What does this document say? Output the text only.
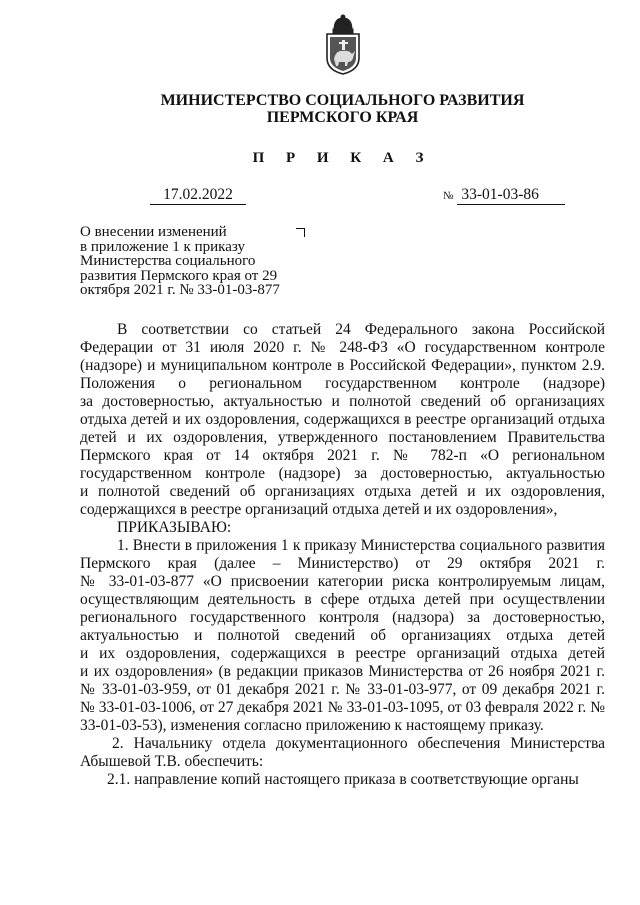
МИНИСТЕРСТВО СОЦИАЛЬНОГО РАЗВИТИЯ
ПЕРМСКОГО КРАЯ
П Р И К А З
17.02.2022	№ 33-01-03-86
О внесении изменений
в приложение 1 к приказу
Министерства социального
развития Пермского края от 29
октября 2021 г. № 33-01-03-877
В соответствии со статьей 24 Федерального закона Российской
Федерации от 31 июля 2020 г. № 248-ФЗ «О государственном контроле
(надзоре) и муниципальном контроле в Российской Федерации», пунктом 2.9.
Положения о региональном государственном контроле (надзоре)
за достоверностью, актуальностью и полнотой сведений об организациях
отдыха детей и их оздоровления, содержащихся в реестре организаций отдыха
детей и их оздоровления, утвержденного постановлением Правительства
Пермского края от 14 октября 2021 г. № 782-п «О региональном
государственном контроле (надзоре) за достоверностью, актуальностью
и полнотой сведений об организациях отдыха детей и их оздоровления,
содержащихся в реестре организаций отдыха детей и их оздоровления»,
ПРИКАЗЫВАЮ:
1. Внести в приложения 1 к приказу Министерства социального развития
Пермского края (далее – Министерство) от 29 октября 2021 г.
№ 33-01-03-877 «О присвоении категории риска контролируемым лицам,
осуществляющим деятельность в сфере отдыха детей при осуществлении
регионального государственного контроля (надзора) за достоверностью,
актуальностью и полнотой сведений об организациях отдыха детей
и их оздоровления, содержащихся в реестре организаций отдыха детей
и их оздоровления» (в редакции приказов Министерства от 26 ноября 2021 г.
№ 33-01-03-959, от 01 декабря 2021 г. № 33-01-03-977, от 09 декабря 2021 г.
№ 33-01-03-1006, от 27 декабря 2021 № 33-01-03-1095, от 03 февраля 2022 г. №
33-01-03-53), изменения согласно приложению к настоящему приказу.
2. Начальнику отдела документационного обеспечения Министерства
Абышевой Т.В. обеспечить:
2.1. направление копий настоящего приказа в соответствующие органы
